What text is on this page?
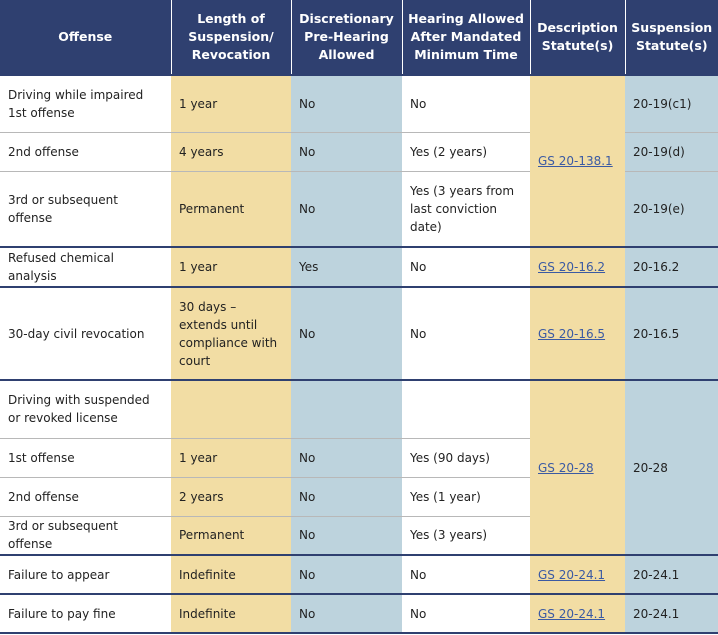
Offense	Length of Suspension/ Revocation	Discretionary Pre-Hearing Allowed	Hearing Allowed After Mandated Minimum Time	Description Statute(s)	Suspension Statute(s)
Driving while impaired 1st offense	1 year	No	No	GS 20-138.1	20-19(c1)
2nd offense	4 years	No	Yes (2 years)		20-19(d)
3rd or subsequent offense	Permanent	No	Yes (3 years from last conviction date)		20-19(e)
Refused chemical analysis	1 year	Yes	No	GS 20-16.2	20-16.2
30-day civil revocation	30 days – extends until compliance with court	No	No	GS 20-16.5	20-16.5
Driving with suspended or revoked license				GS 20-28	20-28
1st offense	1 year	No	Yes (90 days)		
2nd offense	2 years	No	Yes (1 year)		
3rd or subsequent offense	Permanent	No	Yes (3 years)		
Failure to appear	Indefinite	No	No	GS 20-24.1	20-24.1
Failure to pay fine	Indefinite	No	No	GS 20-24.1	20-24.1
